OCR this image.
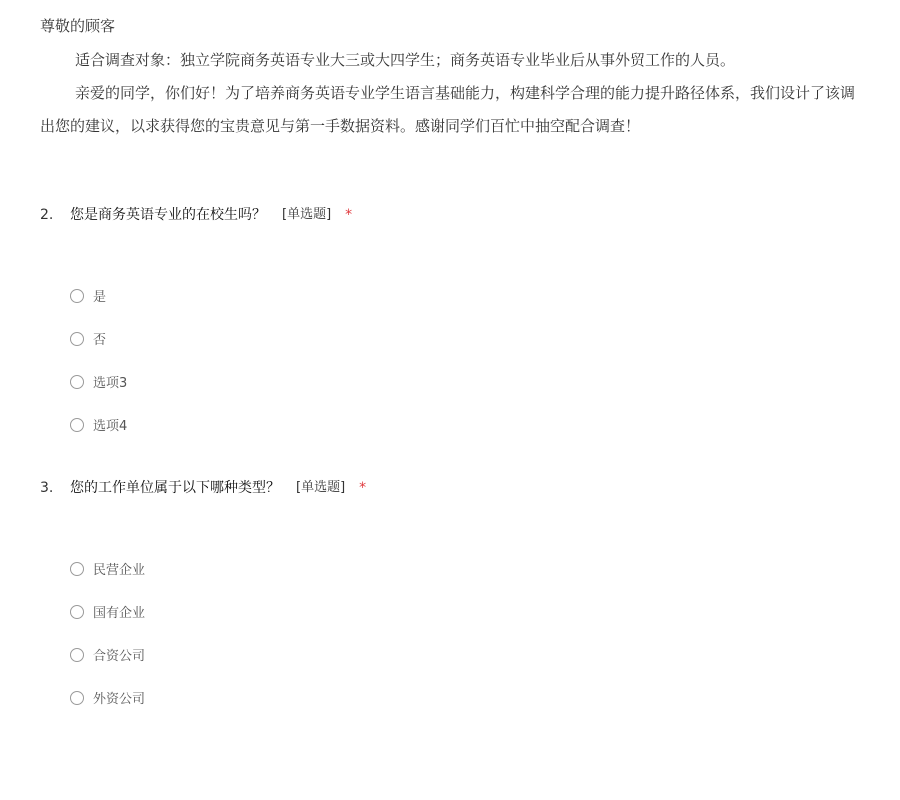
尊敬的顾客

适合调查对象：独立学院商务英语专业大三或大四学生；商务英语专业毕业后从事外贸工作的人员。

亲爱的同学，你们好！为了培养商务英语专业学生语言基础能力，构建科学合理的能力提升路径体系，我们设计了该调

出您的建议，以求获得您的宝贵意见与第一手数据资料。感谢同学们百忙中抽空配合调查！

2.	您是商务英语专业的在校生吗？ [单选题] *
是
否
选项3
选项4
3.	您的工作单位属于以下哪种类型？ [单选题] *
民营企业
国有企业
合资公司
外资公司
